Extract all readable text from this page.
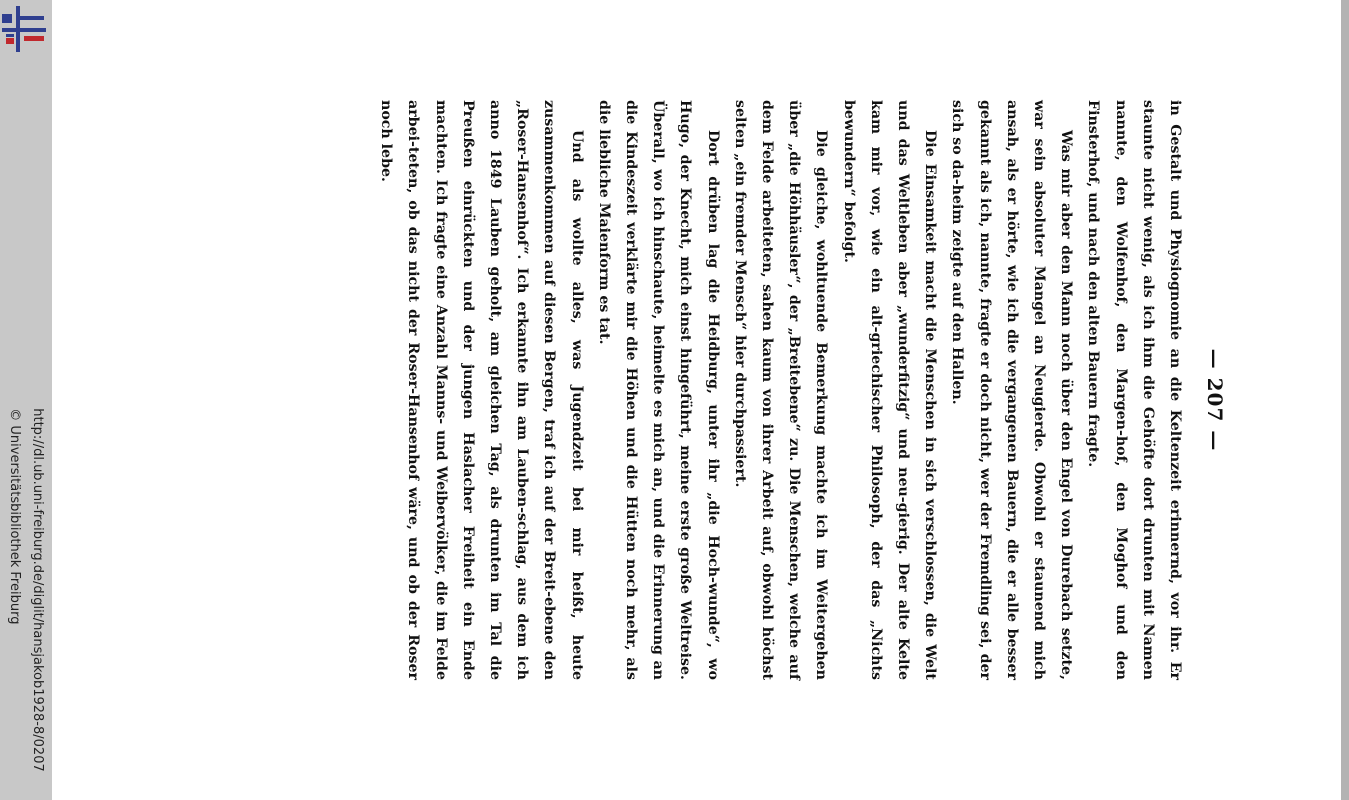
http://dl.ub.uni-freiburg.de/diglit/hansjakob1928-8/0207
© Universitätsbibliothek Freiburg
— 207 —

in Gestalt und Physiognomie an die Keltenzeit erinnernd, vor ihr. Er staunte nicht wenig, als ich ihm die Gehöfte dort drunten mit Namen nannte, den Wolfenhof, den Margen-hof, den Moghof und den Finsterhof, und nach den alten Bauern fragte.

Was mir aber den Mann noch über den Engel von Durebach setzte, war sein absoluter Mangel an Neugierde. Obwohl er staunend mich ansah, als er hörte, wie ich die vergangenen Bauern, die er alle besser gekannt als ich, nannte, fragte er doch nicht, wer der Fremdling sei, der sich so da-heim zeigte auf den Hallen.

Die Einsamkeit macht die Menschen in sich verschlossen, die Welt und das Weltleben aber „wunderfitzig“ und neu-gierig. Der alte Kelte kam mir vor, wie ein alt-griechischer Philosoph, der das „Nichts bewundern“ befolgt.

Die gleiche, wohltuende Bemerkung machte ich im Weitergehen über „die Höhhäusler“, der „Breitebene“ zu. Die Menschen, welche auf dem Felde arbeiteten, sahen kaum von ihrer Arbeit auf, obwohl höchst selten „ein fremder Mensch“ hier durchpassiert.

Dort drüben lag die Heidburg, unter ihr „die Hoch-wunde“, wo Hugo, der Knecht, mich einst hingeführt, meine erste große Weltreise. Überall, wo ich hinschaute, heimelte es mich an, und die Erinnerung an die Kindeszeit verklärte mir die Höhen und die Hütten noch mehr, als die liebliche Maienform es tat.

Und als wollte alles, was Jugendzeit bei mir heißt, heute zusammenkommen auf diesen Bergen, traf ich auf der Breit-ebene den „Roser-Hansenhof“. Ich erkannte ihn am Lauben-schlag, aus dem ich anno 1849 Lauben geholt, am gleichen Tag, als drunten im Tal die Preußen einrückten und der jungen Haslacher Freiheit ein Ende machten. Ich fragte eine Anzahl Manns- und Weibervölker, die im Felde arbei-teten, ob das nicht der Roser-Hansenhof wäre, und ob der Roser noch lebe.
